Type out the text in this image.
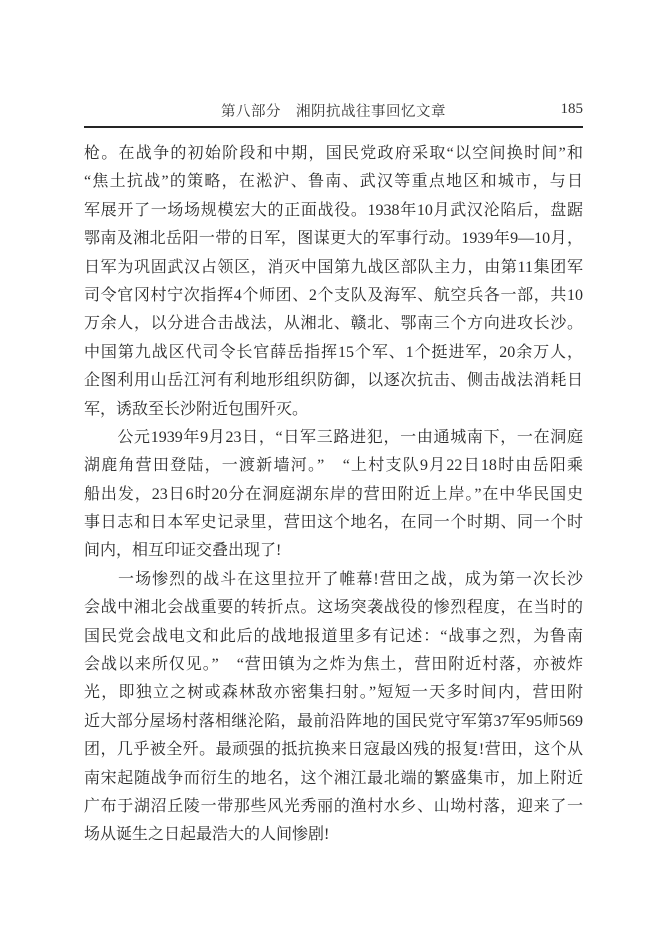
第八部分　湘阴抗战往事回忆文章	185
枪。在战争的初始阶段和中期，国民党政府采取“以空间换时间”和
“焦土抗战”的策略，在淞沪、鲁南、武汉等重点地区和城市，与日
军展开了一场场规模宏大的正面战役。1938年10月武汉沦陷后，盘踞
鄂南及湘北岳阳一带的日军，图谋更大的军事行动。1939年9—10月，
日军为巩固武汉占领区，消灭中国第九战区部队主力，由第11集团军
司令官冈村宁次指挥4个师团、2个支队及海军、航空兵各一部，共10
万余人，以分进合击战法，从湘北、赣北、鄂南三个方向进攻长沙。
中国第九战区代司令长官薛岳指挥15个军、1个挺进军，20余万人，
企图利用山岳江河有利地形组织防御，以逐次抗击、侧击战法消耗日
军，诱敌至长沙附近包围歼灭。
　　公元1939年9月23日，“日军三路进犯，一由通城南下，一在洞庭
湖鹿角营田登陆，一渡新墙河。”　“上村支队9月22日18时由岳阳乘
船出发，23日6时20分在洞庭湖东岸的营田附近上岸。”在中华民国史
事日志和日本军史记录里，营田这个地名，在同一个时期、同一个时
间内，相互印证交叠出现了!
　　一场惨烈的战斗在这里拉开了帷幕!营田之战，成为第一次长沙
会战中湘北会战重要的转折点。这场突袭战役的惨烈程度，在当时的
国民党会战电文和此后的战地报道里多有记述：“战事之烈，为鲁南
会战以来所仅见。”　“营田镇为之炸为焦土，营田附近村落，亦被炸
光，即独立之树或森林敌亦密集扫射。”短短一天多时间内，营田附
近大部分屋场村落相继沦陷，最前沿阵地的国民党守军第37军95师569
团，几乎被全歼。最顽强的抵抗换来日寇最凶残的报复!营田，这个从
南宋起随战争而衍生的地名，这个湘江最北端的繁盛集市，加上附近
广布于湖沼丘陵一带那些风光秀丽的渔村水乡、山坳村落，迎来了一
场从诞生之日起最浩大的人间惨剧!
